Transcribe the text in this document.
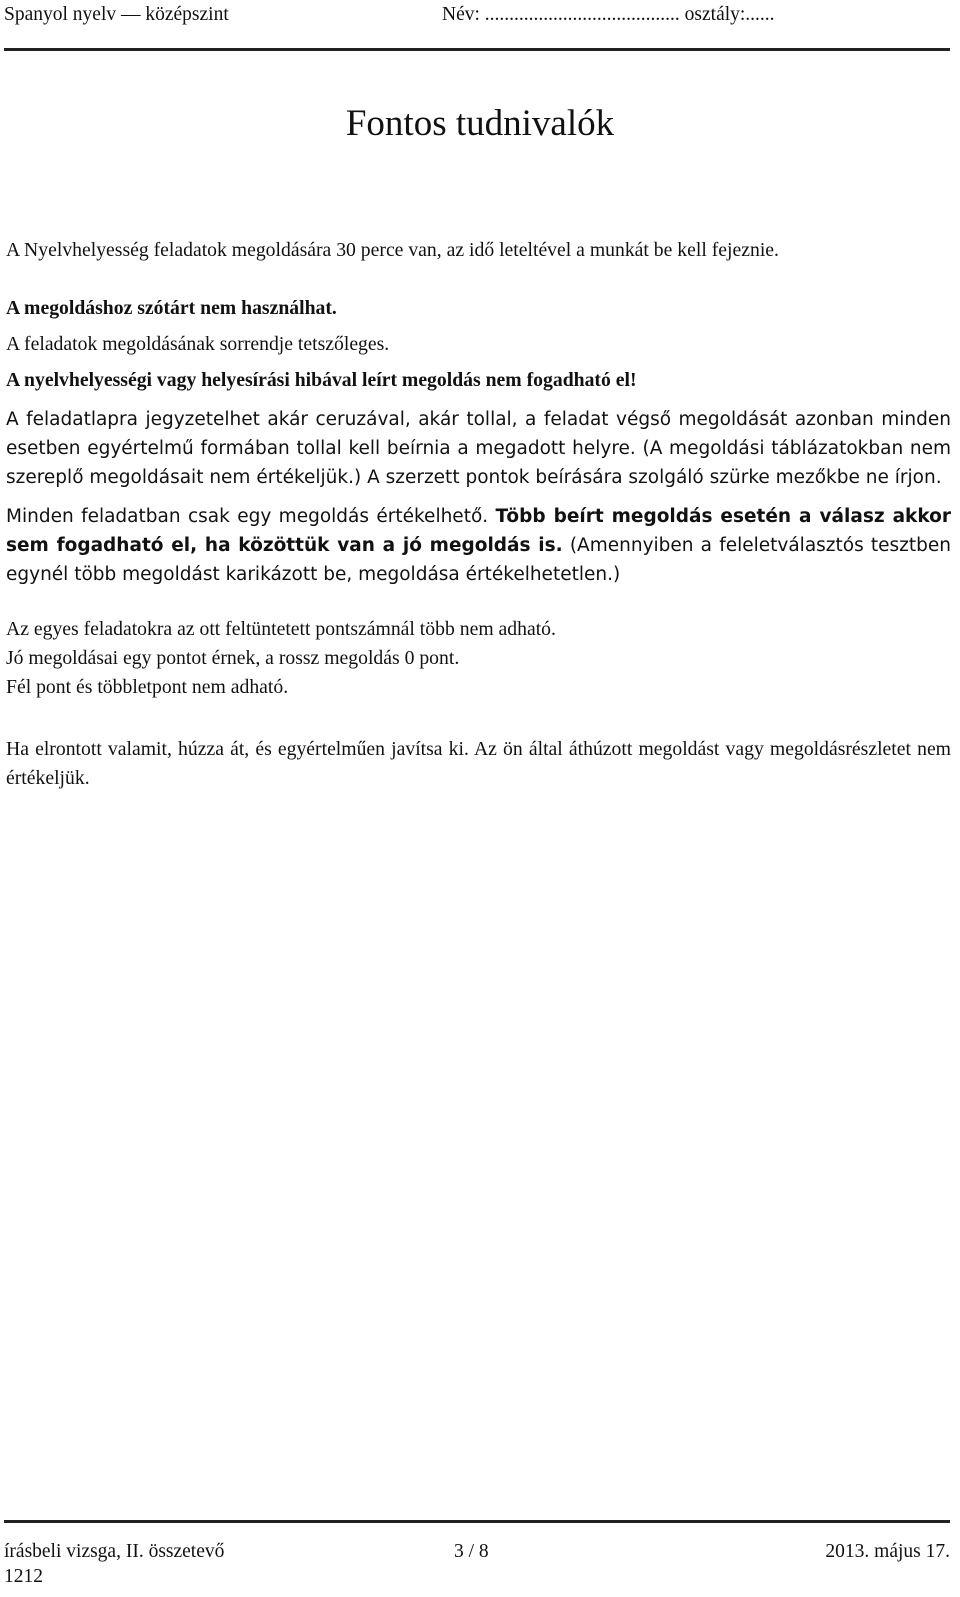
Spanyol nyelv — középszint	Név: ........................................ osztály:......
Fontos tudnivalók

A Nyelvhelyesség feladatok megoldására 30 perce van, az idő leteltével a munkát be kell fejeznie.

A megoldáshoz szótárt nem használhat.

A feladatok megoldásának sorrendje tetszőleges.

A nyelvhelyességi vagy helyesírási hibával leírt megoldás nem fogadható el!

A feladatlapra jegyzetelhet akár ceruzával, akár tollal, a feladat végső megoldását azonban minden esetben egyértelmű formában tollal kell beírnia a megadott helyre. (A megoldási táblázatokban nem szereplő megoldásait nem értékeljük.) A szerzett pontok beírására szolgáló szürke mezőkbe ne írjon.

Minden feladatban csak egy megoldás értékelhető. Több beírt megoldás esetén a válasz akkor sem fogadható el, ha közöttük van a jó megoldás is. (Amennyiben a feleletválasztós tesztben egynél több megoldást karikázott be, megoldása értékelhetetlen.)

Az egyes feladatokra az ott feltüntetett pontszámnál több nem adható.

Jó megoldásai egy pontot érnek, a rossz megoldás 0 pont.

Fél pont és többletpont nem adható.

Ha elrontott valamit, húzza át, és egyértelműen javítsa ki. Az ön által áthúzott megoldást vagy megoldásrészletet nem értékeljük.

írásbeli vizsga, II. összetevő	3 / 8	2013. május 17.
1212
